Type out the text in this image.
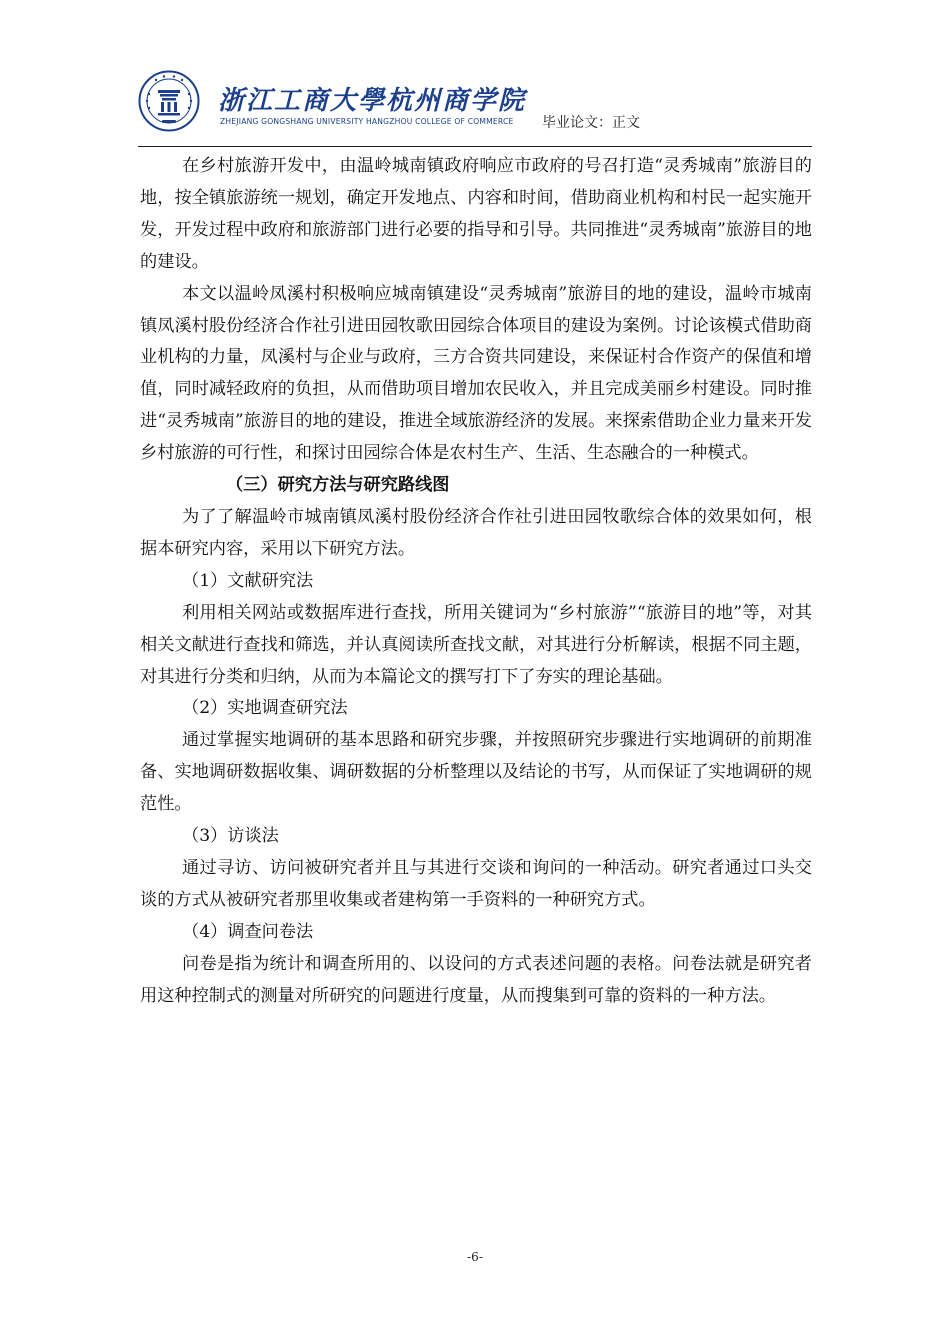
浙江工商大學杭州商学院
ZHEJIANG GONGSHANG UNIVERSITY HANGZHOU COLLEGE OF COMMERCE 毕业论文：正文

在乡村旅游开发中，由温岭城南镇政府响应市政府的号召打造“灵秀城南”旅游目的地，按全镇旅游统一规划，确定开发地点、内容和时间，借助商业机构和村民一起实施开发，开发过程中政府和旅游部门进行必要的指导和引导。共同推进“灵秀城南”旅游目的地的建设。

本文以温岭凤溪村积极响应城南镇建设“灵秀城南”旅游目的地的建设，温岭市城南镇凤溪村股份经济合作社引进田园牧歌田园综合体项目的建设为案例。讨论该模式借助商业机构的力量，凤溪村与企业与政府，三方合资共同建设，来保证村合作资产的保值和增值，同时减轻政府的负担，从而借助项目增加农民收入，并且完成美丽乡村建设。同时推进“灵秀城南”旅游目的地的建设，推进全域旅游经济的发展。来探索借助企业力量来开发乡村旅游的可行性，和探讨田园综合体是农村生产、生活、生态融合的一种模式。

（三）研究方法与研究路线图

为了了解温岭市城南镇凤溪村股份经济合作社引进田园牧歌综合体的效果如何，根据本研究内容，采用以下研究方法。

（1）文献研究法

利用相关网站或数据库进行查找，所用关键词为“乡村旅游”“旅游目的地”等，对其相关文献进行查找和筛选，并认真阅读所查找文献，对其进行分析解读，根据不同主题，对其进行分类和归纳，从而为本篇论文的撰写打下了夯实的理论基础。

（2）实地调查研究法

通过掌握实地调研的基本思路和研究步骤，并按照研究步骤进行实地调研的前期准备、实地调研数据收集、调研数据的分析整理以及结论的书写，从而保证了实地调研的规范性。

（3）访谈法

通过寻访、访问被研究者并且与其进行交谈和询问的一种活动。研究者通过口头交谈的方式从被研究者那里收集或者建构第一手资料的一种研究方式。

（4）调查问卷法

问卷是指为统计和调查所用的、以设问的方式表述问题的表格。问卷法就是研究者用这种控制式的测量对所研究的问题进行度量，从而搜集到可靠的资料的一种方法。

-6-
